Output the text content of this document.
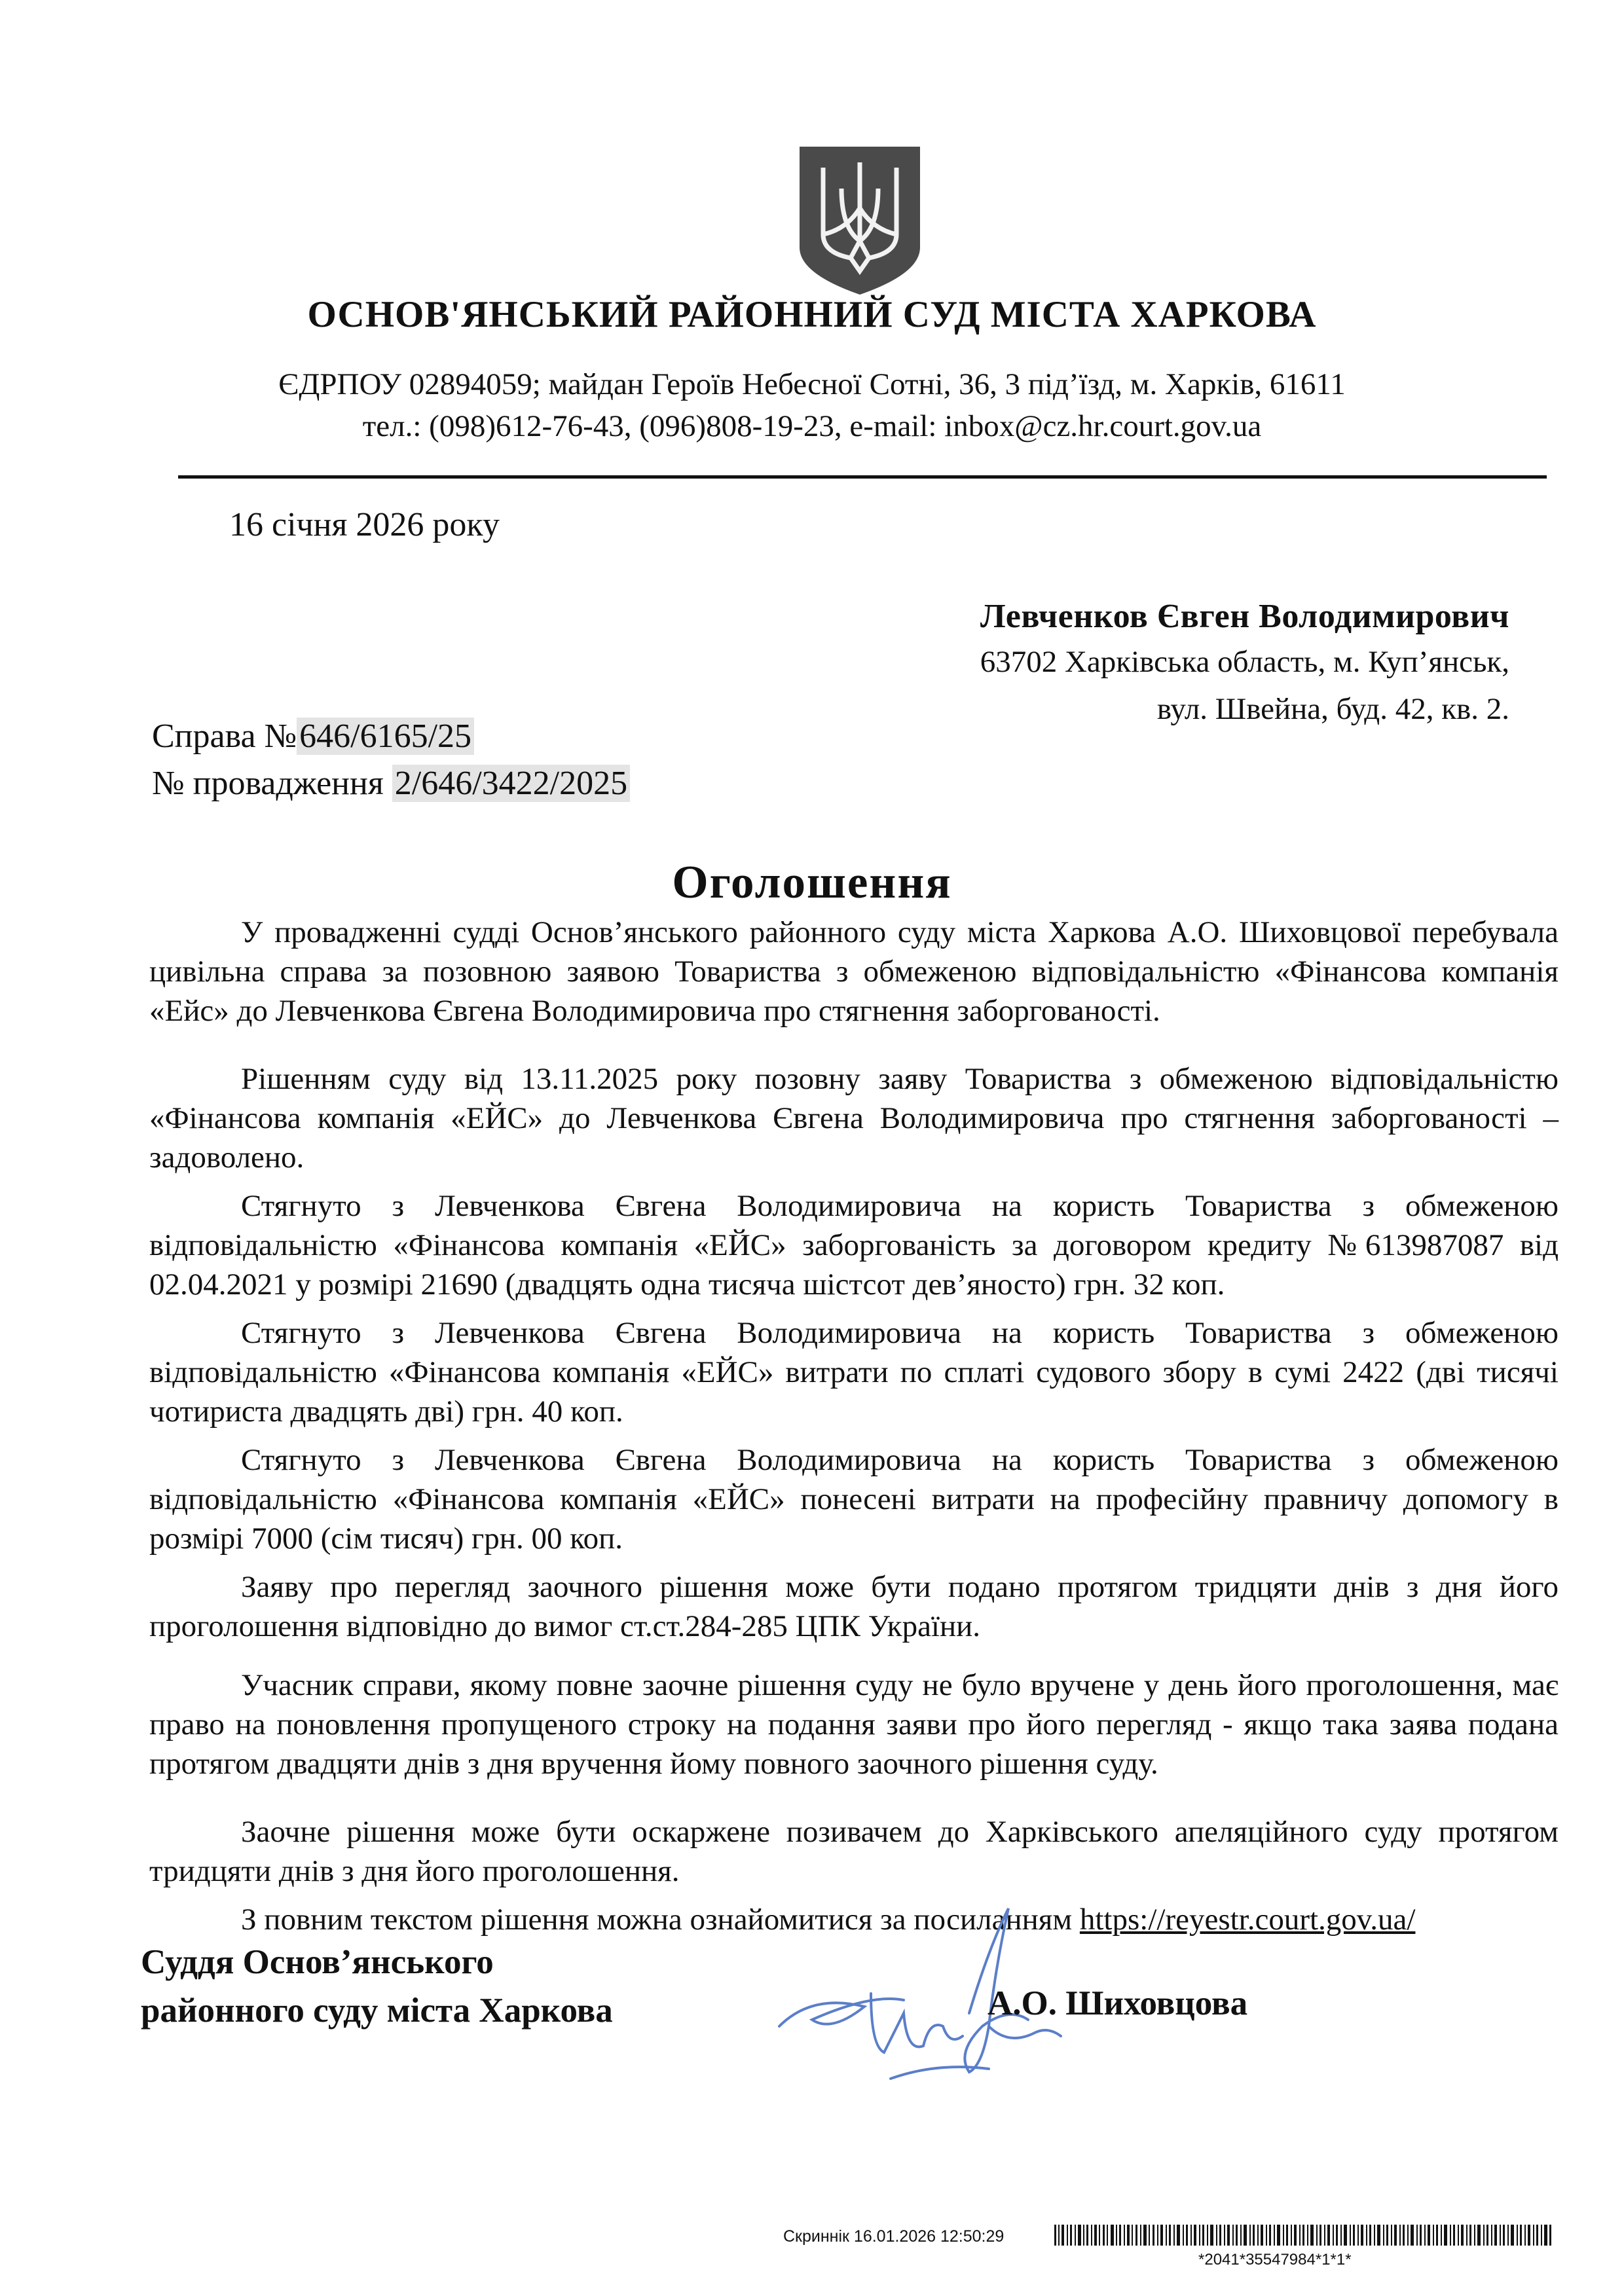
ОСНОВ'ЯНСЬКИЙ РАЙОННИЙ СУД МІСТА ХАРКОВА
ЄДРПОУ 02894059; майдан Героїв Небесної Сотні, 36, 3 під’їзд, м. Харків, 61611
тел.: (098)612-76-43, (096)808-19-23, e-mail: inbox@cz.hr.court.gov.ua
16 січня 2026 року
Левченков Євген Володимирович
63702 Харківська область, м. Куп’янськ,
вул. Швейна, буд. 42, кв. 2.
Справа №646/6165/25
№ провадження 2/646/3422/2025
Оголошення

У провадженні судді Основ’янського районного суду міста Харкова А.О. Шиховцової перебувала цивільна справа за позовною заявою Товариства з обмеженою відповідальністю «Фінансова компанія «Ейс» до Левченкова Євгена Володимировича про стягнення заборгованості.

Рішенням суду від 13.11.2025 року позовну заяву Товариства з обмеженою відповідальністю «Фінансова компанія «ЕЙС» до Левченкова Євгена Володимировича про стягнення заборгованості – задоволено.

Стягнуто з Левченкова Євгена Володимировича на користь Товариства з обмеженою відповідальністю «Фінансова компанія «ЕЙС» заборгованість за договором кредиту №613987087 від 02.04.2021 у розмірі 21690 (двадцять одна тисяча шістсот дев’яносто) грн. 32 коп.

Стягнуто з Левченкова Євгена Володимировича на користь Товариства з обмеженою відповідальністю «Фінансова компанія «ЕЙС» витрати по сплаті судового збору в сумі 2422 (дві тисячі чотириста двадцять дві) грн. 40 коп.

Стягнуто з Левченкова Євгена Володимировича на користь Товариства з обмеженою відповідальністю «Фінансова компанія «ЕЙС» понесені витрати на професійну правничу допомогу в розмірі 7000 (сім тисяч) грн. 00 коп.

Заяву про перегляд заочного рішення може бути подано протягом тридцяти днів з дня його проголошення відповідно до вимог ст.ст.284-285 ЦПК України.

Учасник справи, якому повне заочне рішення суду не було вручене у день його проголошення, має право на поновлення пропущеного строку на подання заяви про його перегляд - якщо така заява подана протягом двадцяти днів з дня вручення йому повного заочного рішення суду.

Заочне рішення може бути оскаржене позивачем до Харківського апеляційного суду протягом тридцяти днів з дня його проголошення.

З повним текстом рішення можна ознайомитися за посиланням https://reyestr.court.gov.ua/

Суддя Основ’янського
районного суду міста Харкова	А.О. Шиховцова
Скриннік 16.01.2026 12:50:29
*2041*35547984*1*1*
